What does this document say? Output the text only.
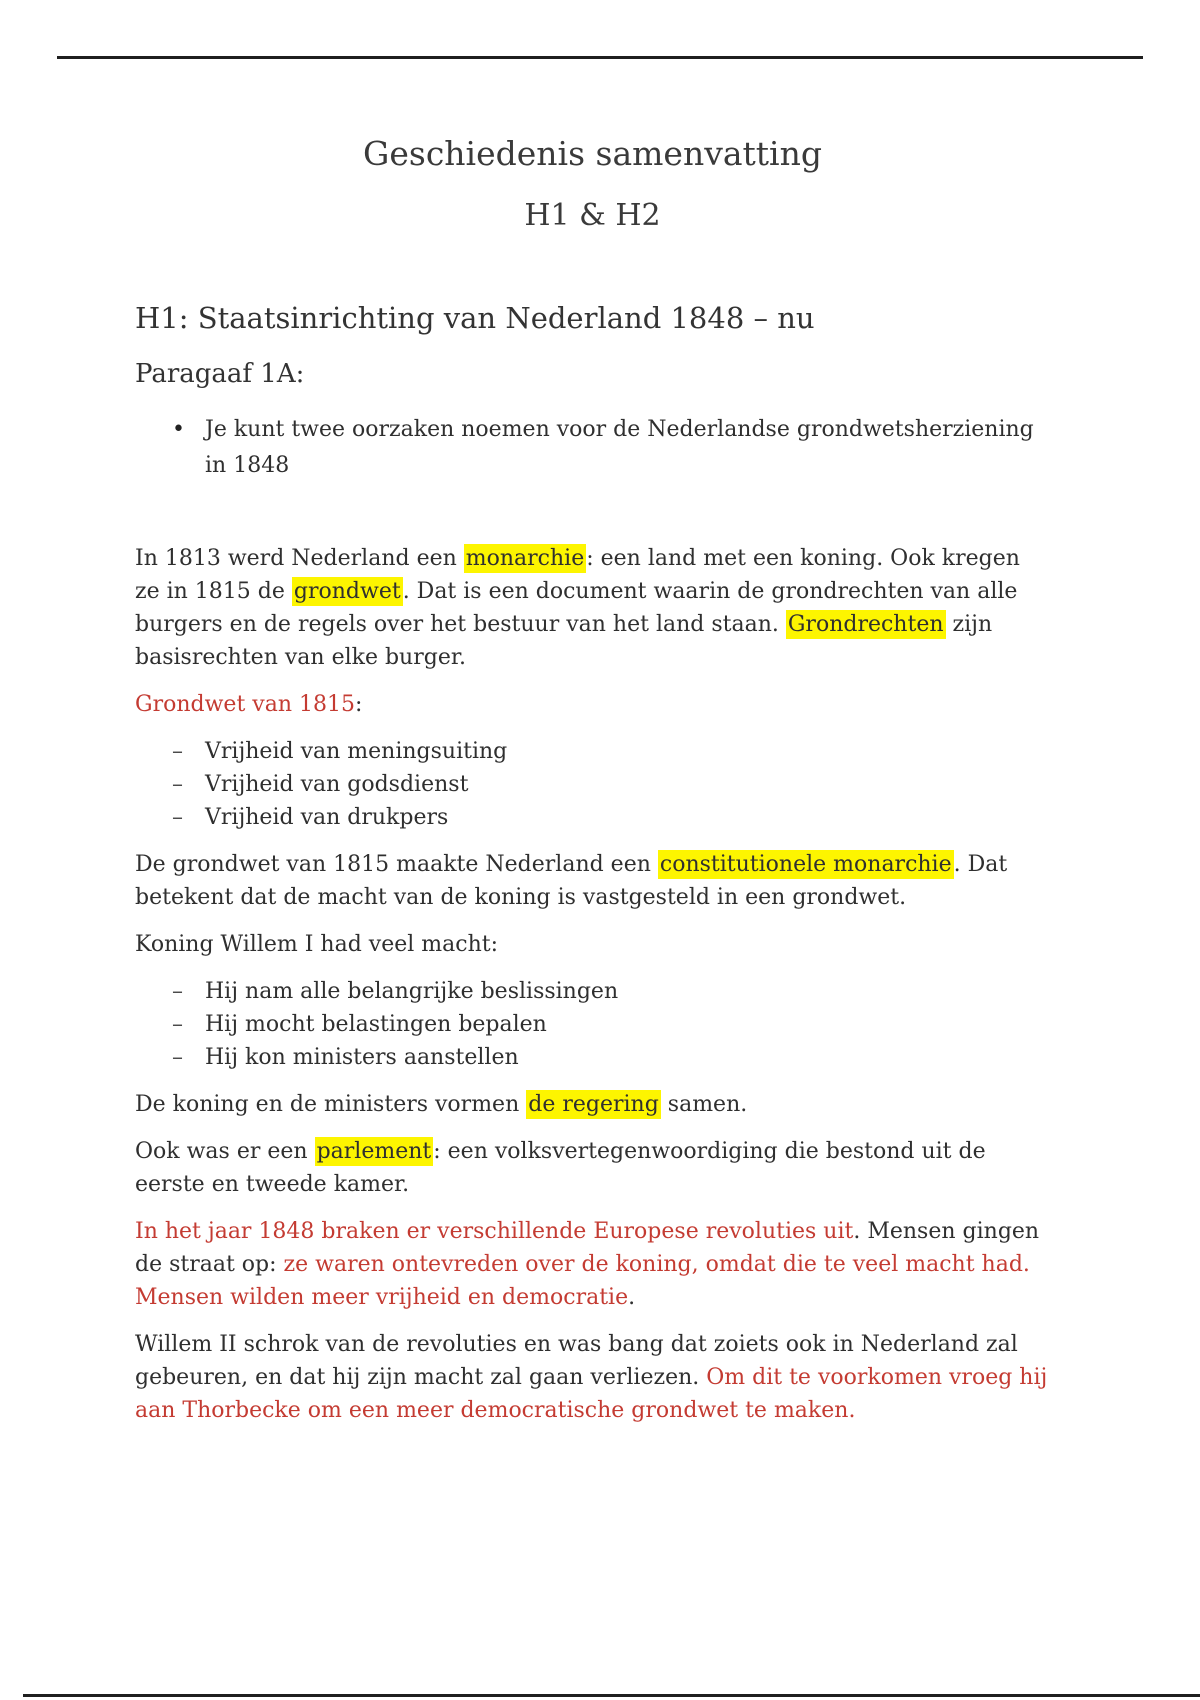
Geschiedenis samenvatting
H1 & H2
H1: Staatsinrichting van Nederland 1848 – nu
Paragaaf 1A:
• Je kunt twee oorzaken noemen voor de Nederlandse grondwetsherziening in 1848

In 1813 werd Nederland een monarchie: een land met een koning. Ook kregen ze in 1815 de grondwet. Dat is een document waarin de grondrechten van alle burgers en de regels over het bestuur van het land staan. Grondrechten zijn basisrechten van elke burger.

Grondwet van 1815:

– Vrijheid van meningsuiting
– Vrijheid van godsdienst
– Vrijheid van drukpers

De grondwet van 1815 maakte Nederland een constitutionele monarchie. Dat betekent dat de macht van de koning is vastgesteld in een grondwet.

Koning Willem I had veel macht:

– Hij nam alle belangrijke beslissingen
– Hij mocht belastingen bepalen
– Hij kon ministers aanstellen

De koning en de ministers vormen de regering samen.

Ook was er een parlement: een volksvertegenwoordiging die bestond uit de eerste en tweede kamer.

In het jaar 1848 braken er verschillende Europese revoluties uit. Mensen gingen de straat op: ze waren ontevreden over de koning, omdat die te veel macht had. Mensen wilden meer vrijheid en democratie.

Willem II schrok van de revoluties en was bang dat zoiets ook in Nederland zal gebeuren, en dat hij zijn macht zal gaan verliezen. Om dit te voorkomen vroeg hij aan Thorbecke om een meer democratische grondwet te maken.
